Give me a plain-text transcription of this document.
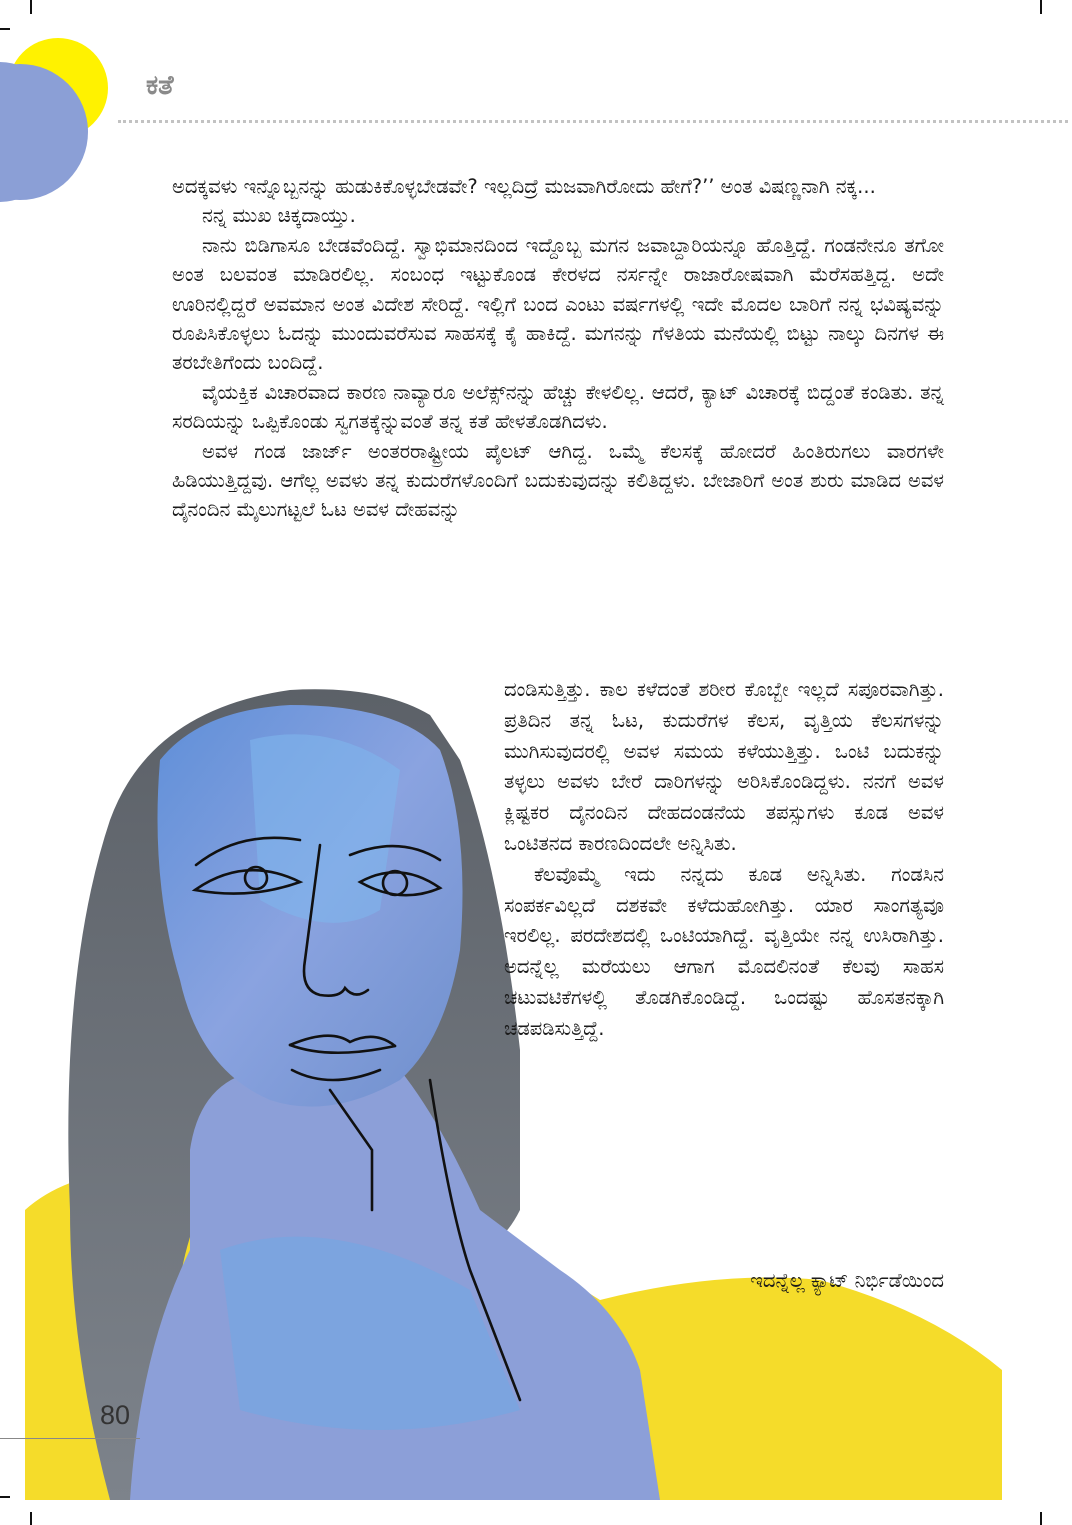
ಕತೆ
80

ಅದಕ್ಕವಳು ಇನ್ನೊಬ್ಬನನ್ನು ಹುಡುಕಿಕೊಳ್ಳಬೇಡವೇ? ಇಲ್ಲದಿದ್ರೆ ಮಜವಾಗಿರೋದು ಹೇಗೆ?’’ ಅಂತ ವಿಷಣ್ಣನಾಗಿ ನಕ್ಕ...

ನನ್ನ ಮುಖ ಚಿಕ್ಕದಾಯ್ತು.

ನಾನು ಬಿಡಿಗಾಸೂ ಬೇಡವೆಂದಿದ್ದೆ. ಸ್ವಾಭಿಮಾನದಿಂದ ಇದ್ದೊಬ್ಬ ಮಗನ ಜವಾಬ್ದಾರಿಯನ್ನೂ ಹೊತ್ತಿದ್ದೆ. ಗಂಡನೇನೂ ತಗೋ ಅಂತ ಬಲವಂತ ಮಾಡಿರಲಿಲ್ಲ. ಸಂಬಂಧ ಇಟ್ಟುಕೊಂಡ ಕೇರಳದ ನರ್ಸನ್ನೇ ರಾಜಾರೋಷವಾಗಿ ಮೆರೆಸಹತ್ತಿದ್ದ. ಅದೇ ಊರಿನಲ್ಲಿದ್ದರೆ ಅವಮಾನ ಅಂತ ವಿದೇಶ ಸೇರಿದ್ದೆ. ಇಲ್ಲಿಗೆ ಬಂದ ಎಂಟು ವರ್ಷಗಳಲ್ಲಿ ಇದೇ ಮೊದಲ ಬಾರಿಗೆ ನನ್ನ ಭವಿಷ್ಯವನ್ನು ರೂಪಿಸಿಕೊಳ್ಳಲು ಓದನ್ನು ಮುಂದುವರೆಸುವ ಸಾಹಸಕ್ಕೆ ಕೈ ಹಾಕಿದ್ದೆ. ಮಗನನ್ನು ಗೆಳತಿಯ ಮನೆಯಲ್ಲಿ ಬಿಟ್ಟು ನಾಲ್ಕು ದಿನಗಳ ಈ ತರಬೇತಿಗೆಂದು ಬಂದಿದ್ದೆ.

ವೈಯಕ್ತಿಕ ವಿಚಾರವಾದ ಕಾರಣ ನಾವ್ಯಾರೂ ಅಲೆಕ್ಸ್‌ನನ್ನು ಹೆಚ್ಚು ಕೇಳಲಿಲ್ಲ. ಆದರೆ, ಕ್ಯಾಟ್ ವಿಚಾರಕ್ಕೆ ಬಿದ್ದಂತೆ ಕಂಡಿತು. ತನ್ನ ಸರದಿಯನ್ನು ಒಪ್ಪಿಕೊಂಡು ಸ್ವಗತಕ್ಕೆನ್ನುವಂತೆ ತನ್ನ ಕತೆ ಹೇಳತೊಡಗಿದಳು.

ಅವಳ ಗಂಡ ಜಾರ್ಜ್ ಅಂತರರಾಷ್ಟ್ರೀಯ ಪೈಲಟ್ ಆಗಿದ್ದ. ಒಮ್ಮೆ ಕೆಲಸಕ್ಕೆ ಹೋದರೆ ಹಿಂತಿರುಗಲು ವಾರಗಳೇ ಹಿಡಿಯುತ್ತಿದ್ದವು. ಆಗೆಲ್ಲ ಅವಳು ತನ್ನ ಕುದುರೆಗಳೊಂದಿಗೆ ಬದುಕುವುದನ್ನು ಕಲಿತಿದ್ದಳು. ಬೇಜಾರಿಗೆ ಅಂತ ಶುರು ಮಾಡಿದ ಅವಳ ದೈನಂದಿನ ಮೈಲುಗಟ್ಟಲೆ ಓಟ ಅವಳ ದೇಹವನ್ನು

ದಂಡಿಸುತ್ತಿತ್ತು. ಕಾಲ ಕಳೆದಂತೆ ಶರೀರ ಕೊಬ್ಬೇ ಇಲ್ಲದೆ ಸಪೂರವಾಗಿತ್ತು. ಪ್ರತಿದಿನ ತನ್ನ ಓಟ, ಕುದುರೆಗಳ ಕೆಲಸ, ವೃತ್ತಿಯ ಕೆಲಸಗಳನ್ನು ಮುಗಿಸುವುದರಲ್ಲಿ ಅವಳ ಸಮಯ ಕಳೆಯುತ್ತಿತ್ತು. ಒಂಟಿ ಬದುಕನ್ನು ತಳ್ಳಲು ಅವಳು ಬೇರೆ ದಾರಿಗಳನ್ನು ಅರಿಸಿಕೊಂಡಿದ್ದಳು. ನನಗೆ ಅವಳ ಕ್ಲಿಷ್ಟಕರ ದೈನಂದಿನ ದೇಹದಂಡನೆಯ ತಪಸ್ಸುಗಳು ಕೂಡ ಅವಳ ಒಂಟಿತನದ ಕಾರಣದಿಂದಲೇ ಅನ್ನಿಸಿತು.

ಕೆಲವೊಮ್ಮೆ ಇದು ನನ್ನದು ಕೂಡ ಅನ್ನಿಸಿತು. ಗಂಡಸಿನ ಸಂಪರ್ಕವಿಲ್ಲದೆ ದಶಕವೇ ಕಳೆದುಹೋಗಿತ್ತು. ಯಾರ ಸಾಂಗತ್ಯವೂ ಇರಲಿಲ್ಲ. ಪರದೇಶದಲ್ಲಿ ಒಂಟಿಯಾಗಿದ್ದೆ. ವೃತ್ತಿಯೇ ನನ್ನ ಉಸಿರಾಗಿತ್ತು. ಅದನ್ನೆಲ್ಲ ಮರೆಯಲು ಆಗಾಗ ಮೊದಲಿನಂತೆ ಕೆಲವು ಸಾಹಸ ಚಟುವಟಿಕೆಗಳಲ್ಲಿ ತೊಡಗಿಕೊಂಡಿದ್ದೆ. ಒಂದಷ್ಟು ಹೊಸತನಕ್ಕಾಗಿ ಚಡಪಡಿಸುತ್ತಿದ್ದೆ.

ಇದನ್ನೆಲ್ಲ ಕ್ಯಾಟ್ ನಿರ್ಭಿಡೆಯಿಂದ
